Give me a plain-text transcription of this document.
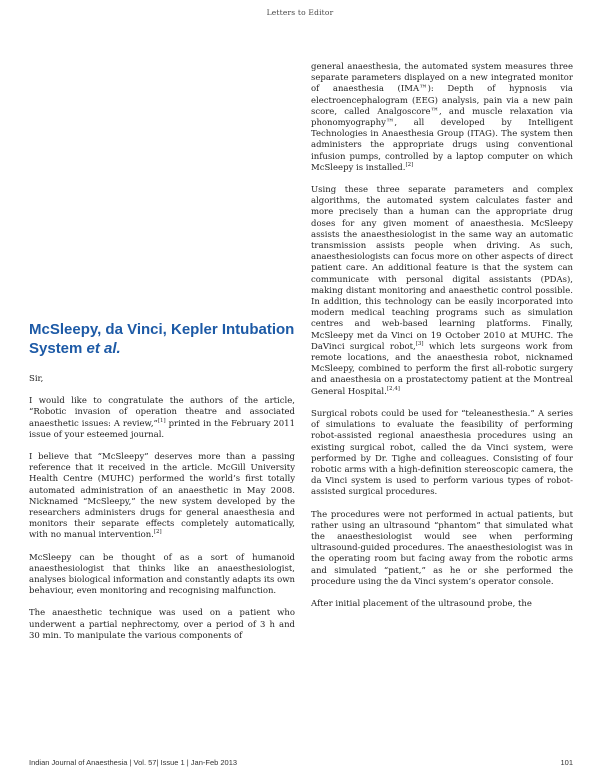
Letters to Editor
McSleepy, da Vinci, Kepler Intubation System et al.

Sir,

I would like to congratulate the authors of the article, “Robotic invasion of operation theatre and associated anaesthetic issues: A review,”[1] printed in the February 2011 issue of your esteemed journal.

I believe that “McSleepy” deserves more than a passing reference that it received in the article. McGill University Health Centre (MUHC) performed the world’s first totally automated administration of an anaesthetic in May 2008. Nicknamed “McSleepy,” the new system developed by the researchers administers drugs for general anaesthesia and monitors their separate effects completely automatically, with no manual intervention.[2]

McSleepy can be thought of as a sort of humanoid anaesthesiologist that thinks like an anaesthesiologist, analyses biological information and constantly adapts its own behaviour, even monitoring and recognising malfunction.

The anaesthetic technique was used on a patient who underwent a partial nephrectomy, over a period of 3 h and 30 min. To manipulate the various components of

general anaesthesia, the automated system measures three separate parameters displayed on a new integrated monitor of anaesthesia (IMA™): Depth of hypnosis via electroencephalogram (EEG) analysis, pain via a new pain score, called Analgoscore™, and muscle relaxation via phonomyography™, all developed by Intelligent Technologies in Anaesthesia Group (ITAG). The system then administers the appropriate drugs using conventional infusion pumps, controlled by a laptop computer on which McSleepy is installed.[2]

Using these three separate parameters and complex algorithms, the automated system calculates faster and more precisely than a human can the appropriate drug doses for any given moment of anaesthesia. McSleepy assists the anaesthesiologist in the same way an automatic transmission assists people when driving. As such, anaesthesiologists can focus more on other aspects of direct patient care. An additional feature is that the system can communicate with personal digital assistants (PDAs), making distant monitoring and anaesthetic control possible. In addition, this technology can be easily incorporated into modern medical teaching programs such as simulation centres and web-based learning platforms. Finally, McSleepy met da Vinci on 19 October 2010 at MUHC. The DaVinci surgical robot,[3] which lets surgeons work from remote locations, and the anaesthesia robot, nicknamed McSleepy, combined to perform the first all-robotic surgery and anaesthesia on a prostatectomy patient at the Montreal General Hospital.[2,4]

Surgical robots could be used for “teleanesthesia.” A series of simulations to evaluate the feasibility of performing robot-assisted regional anaesthesia procedures using an existing surgical robot, called the da Vinci system, were performed by Dr. Tighe and colleagues. Consisting of four robotic arms with a high-definition stereoscopic camera, the da Vinci system is used to perform various types of robot-assisted surgical procedures.

The procedures were not performed in actual patients, but rather using an ultrasound “phantom” that simulated what the anaesthesiologist would see when performing ultrasound-guided procedures. The anaesthesiologist was in the operating room but facing away from the robotic arms and simulated “patient,” as he or she performed the procedure using the da Vinci system’s operator console.

After initial placement of the ultrasound probe, the

Indian Journal of Anaesthesia | Vol. 57| Issue 1 | Jan-Feb 2013	101
